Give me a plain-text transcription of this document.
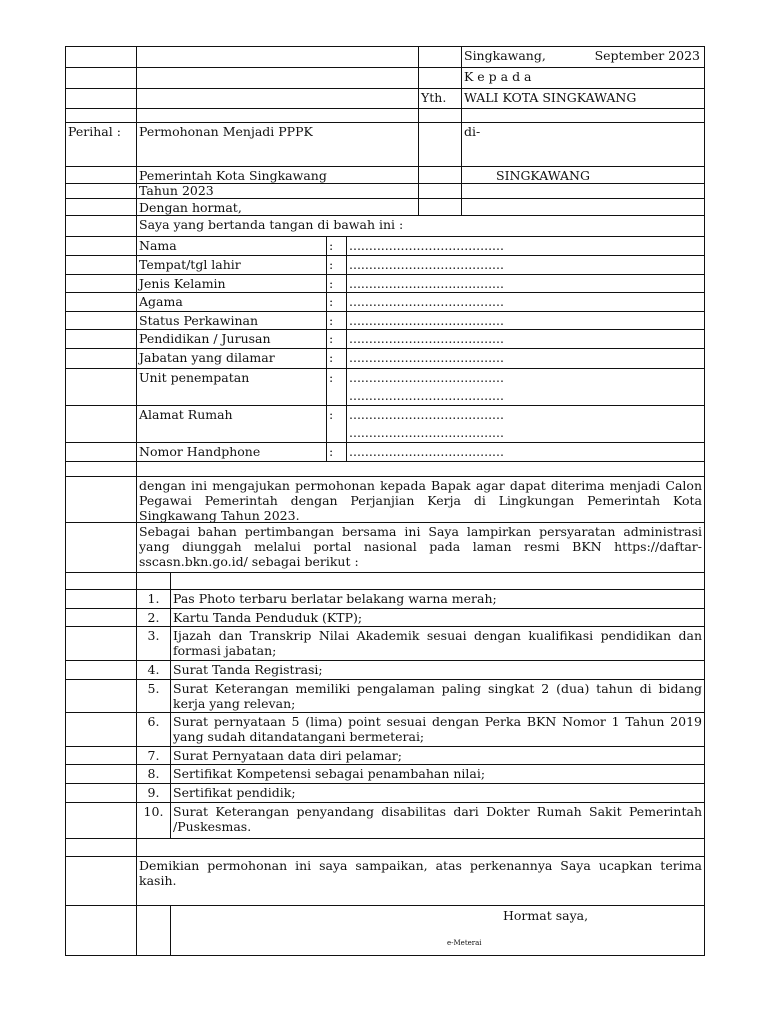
Singkawang,	September 2023
K e p a d a
Yth.	WALI KOTA SINGKAWANG
Perihal :	Permohonan Menjadi PPPK	di-
Pemerintah Kota Singkawang
Tahun 2023
SINGKAWANG
Dengan hormat,
Saya yang bertanda tangan di bawah ini :
Nama	:	.......................................
Tempat/tgl lahir	:	.......................................
Jenis Kelamin	:	.......................................
Agama	:	.......................................
Status Perkawinan	:	.......................................
Pendidikan / Jurusan	:	.......................................
Jabatan yang dilamar	:	.......................................
Unit penempatan	:	.......................................
.......................................
Alamat Rumah	:	.......................................
.......................................
Nomor Handphone	:	.......................................
dengan ini mengajukan permohonan kepada Bapak agar dapat diterima menjadi Calon Pegawai Pemerintah dengan Perjanjian Kerja di Lingkungan Pemerintah Kota Singkawang Tahun 2023.
Sebagai bahan pertimbangan bersama ini Saya lampirkan persyaratan administrasi yang diunggah melalui portal nasional pada laman resmi BKN https://daftar-sscasn.bkn.go.id/ sebagai berikut :
1.	Pas Photo terbaru berlatar belakang warna merah;
2.	Kartu Tanda Penduduk (KTP);
3.	Ijazah dan Transkrip Nilai Akademik sesuai dengan kualifikasi pendidikan dan formasi jabatan;
4.	Surat Tanda Registrasi;
5.	Surat Keterangan memiliki pengalaman paling singkat 2 (dua) tahun di bidang kerja yang relevan;
6.	Surat pernyataan 5 (lima) point sesuai dengan Perka BKN Nomor 1 Tahun 2019 yang sudah ditandatangani bermeterai;
7.	Surat Pernyataan data diri pelamar;
8.	Sertifikat Kompetensi sebagai penambahan nilai;
9.	Sertifikat pendidik;
10. Surat Keterangan penyandang disabilitas dari Dokter Rumah Sakit Pemerintah /Puskesmas.
Demikian permohonan ini saya sampaikan, atas perkenannya Saya ucapkan terima kasih.
Hormat saya,
e-Meterai
